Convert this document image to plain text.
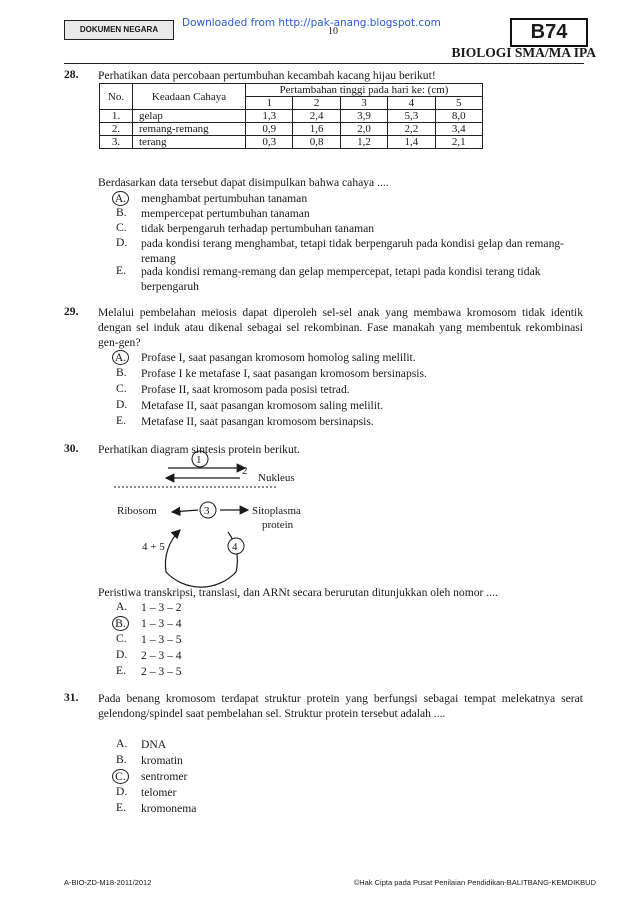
DOKUMEN NEGARA
Downloaded from http://pak-anang.blogspot.com
10	B74
BIOLOGI SMA/MA IPA
28. Perhatikan data percobaan pertumbuhan kecambah kacang hijau berikut!
No.	Keadaan Cahaya	Pertambahan tinggi pada hari ke: (cm)				
		1	2	3	4	5
1.	gelap	1,3	2,4	3,9	5,3	8,0
2.	remang-remang	0,9	1,6	2,0	2,2	3,4
3.	terang	0,3	0,8	1,2	1,4	2,1
Berdasarkan data tersebut dapat disimpulkan bahwa cahaya ....
A. menghambat pertumbuhan tanaman
B. mempercepat pertumbuhan tanaman
C. tidak berpengaruh terhadap pertumbuhan tanaman
D. pada kondisi terang menghambat, tetapi tidak berpengaruh pada kondisi gelap dan remang-remang
E. pada kondisi remang-remang dan gelap mempercepat, tetapi pada kondisi terang tidak berpengaruh
29. Melalui pembelahan meiosis dapat diperoleh sel-sel anak yang membawa kromosom tidak identik dengan sel induk atau dikenal sebagai sel rekombinan. Fase manakah yang membentuk rekombinasi gen-gen?
A. Profase I, saat pasangan kromosom homolog saling melilit.
B. Profase I ke metafase I, saat pasangan kromosom bersinapsis.
C. Profase II, saat kromosom pada posisi tetrad.
D. Metafase II, saat pasangan kromosom saling melilit.
E. Metafase II, saat pasangan kromosom bersinapsis.
30. Perhatikan diagram sintesis protein berikut.
1
2
Nukleus
Ribosom	3	Sitoplasma
protein
4
4 + 5
Peristiwa transkripsi, translasi, dan ARNt secara berurutan ditunjukkan oleh nomor ....
A. 1 – 3 – 2
B. 1 – 3 – 4
C. 1 – 3 – 5
D. 2 – 3 – 4
E. 2 – 3 – 5
31. Pada benang kromosom terdapat struktur protein yang berfungsi sebagai tempat melekatnya serat gelendong/spindel saat pembelahan sel. Struktur protein tersebut adalah ....
A. DNA
B. kromatin
C. sentromer
D. telomer
E. kromonema
A-BIO-ZD-M18-2011/2012	©Hak Cipta pada Pusat Penilaian Pendidikan-BALITBANG-KEMDIKBUD
